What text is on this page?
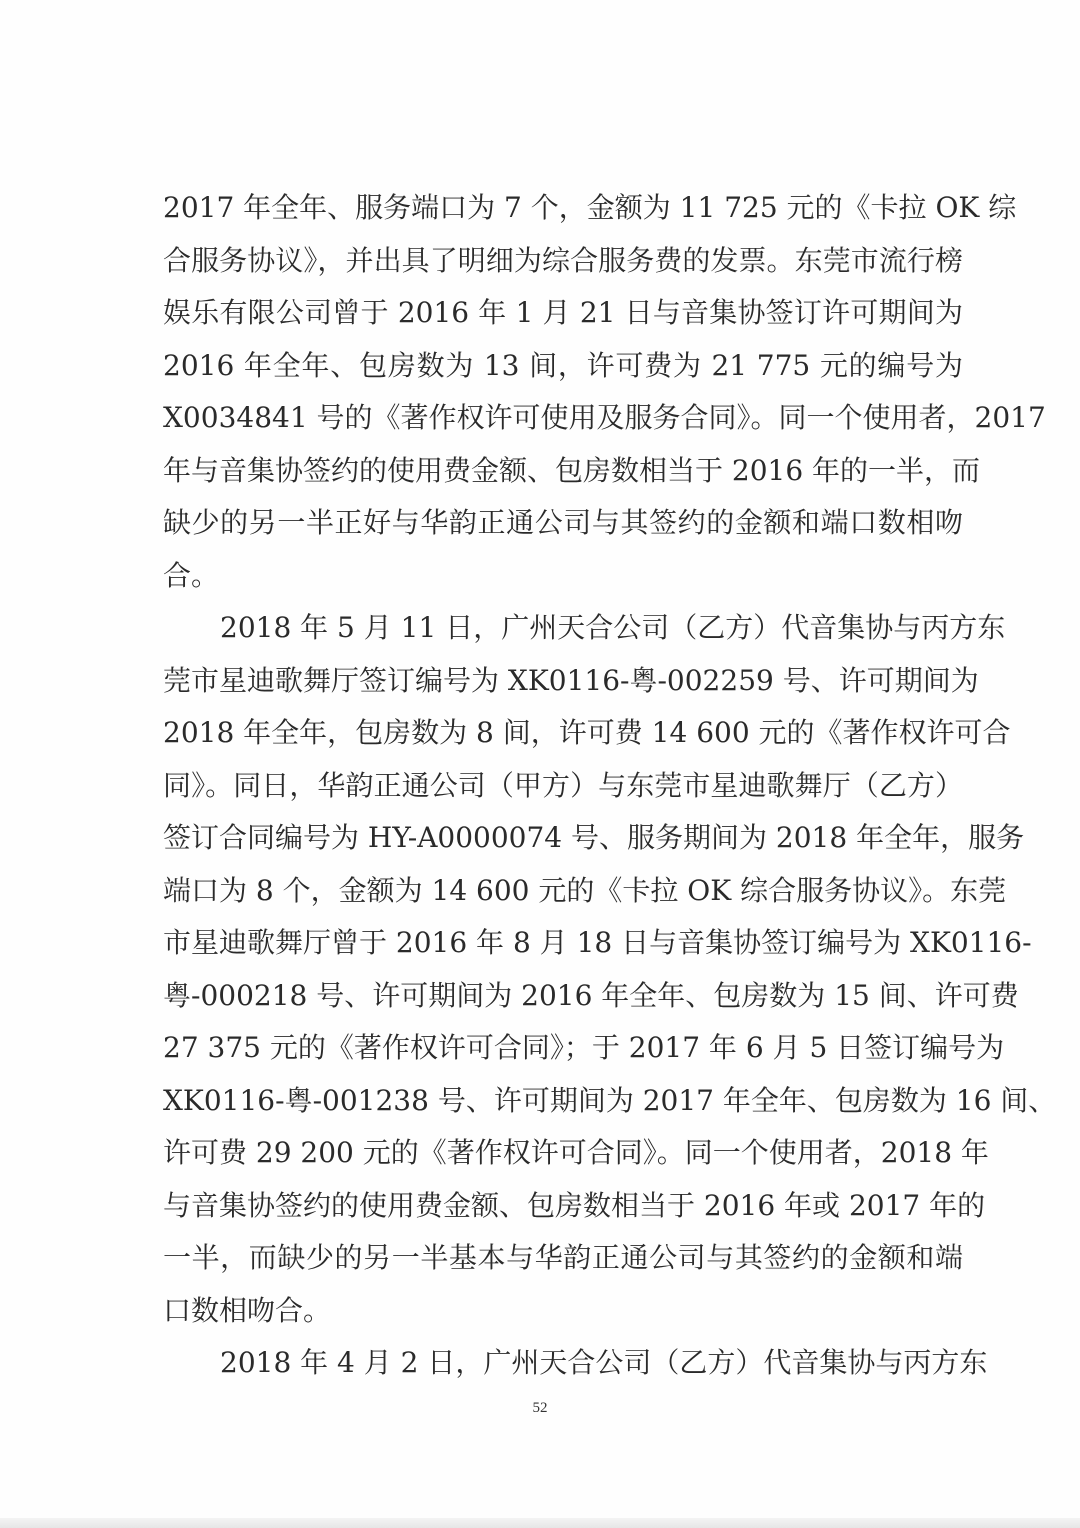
2017 年全年、服务端口为 7 个，金额为 11 725 元的《卡拉 OK 综
合服务协议》，并出具了明细为综合服务费的发票。东莞市流行榜
娱乐有限公司曾于 2016 年 1 月 21 日与音集协签订许可期间为
2016 年全年、包房数为 13 间，许可费为 21 775 元的编号为
X0034841 号的《著作权许可使用及服务合同》。同一个使用者，2017
年与音集协签约的使用费金额、包房数相当于 2016 年的一半，而
缺少的另一半正好与华韵正通公司与其签约的金额和端口数相吻
合。
2018 年 5 月 11 日，广州天合公司（乙方）代音集协与丙方东
莞市星迪歌舞厅签订编号为 XK0116-粤-002259 号、许可期间为
2018 年全年，包房数为 8 间，许可费 14 600 元的《著作权许可合
同》。同日，华韵正通公司（甲方）与东莞市星迪歌舞厅（乙方）
签订合同编号为 HY-A0000074 号、服务期间为 2018 年全年，服务
端口为 8 个，金额为 14 600 元的《卡拉 OK 综合服务协议》。东莞
市星迪歌舞厅曾于 2016 年 8 月 18 日与音集协签订编号为 XK0116-
粤-000218 号、许可期间为 2016 年全年、包房数为 15 间、许可费
27 375 元的《著作权许可合同》；于 2017 年 6 月 5 日签订编号为
XK0116-粤-001238 号、许可期间为 2017 年全年、包房数为 16 间、
许可费 29 200 元的《著作权许可合同》。同一个使用者，2018 年
与音集协签约的使用费金额、包房数相当于 2016 年或 2017 年的
一半，而缺少的另一半基本与华韵正通公司与其签约的金额和端
口数相吻合。
2018 年 4 月 2 日，广州天合公司（乙方）代音集协与丙方东
52
